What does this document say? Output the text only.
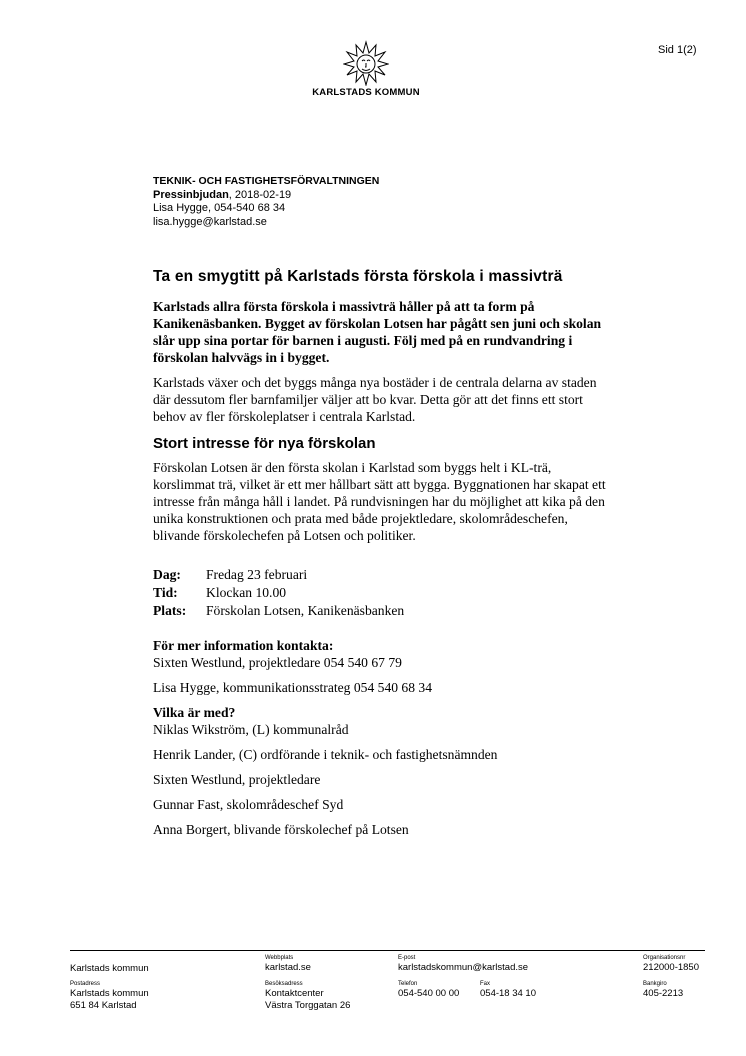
Sid 1(2)
KARLSTADS KOMMUN
TEKNIK- OCH FASTIGHETSFÖRVALTNINGEN
Pressinbjudan, 2018-02-19
Lisa Hygge, 054-540 68 34
lisa.hygge@karlstad.se
Ta en smygtitt på Karlstads första förskola i massivträ

Karlstads allra första förskola i massivträ håller på att ta form på Kanikenäsbanken. Bygget av förskolan Lotsen har pågått sen juni och skolan slår upp sina portar för barnen i augusti. Följ med på en rundvandring i förskolan halvvägs in i bygget.

Karlstads växer och det byggs många nya bostäder i de centrala delarna av staden där dessutom fler barnfamiljer väljer att bo kvar. Detta gör att det finns ett stort behov av fler förskoleplatser i centrala Karlstad.

Stort intresse för nya förskolan

Förskolan Lotsen är den första skolan i Karlstad som byggs helt i KL-trä, korslimmat trä, vilket är ett mer hållbart sätt att bygga. Byggnationen har skapat ett intresse från många håll i landet. På rundvisningen har du möjlighet att kika på den unika konstruktionen och prata med både projektledare, skolområdeschefen, blivande förskolechefen på Lotsen och politiker.

Dag:	Fredag 23 februari
Tid:	Klockan 10.00
Plats:	Förskolan Lotsen, Kanikenäsbanken
För mer information kontakta:
Sixten Westlund, projektledare 054 540 67 79
Lisa Hygge, kommunikationsstrateg 054 540 68 34
Vilka är med?
Niklas Wikström, (L) kommunalråd
Henrik Lander, (C) ordförande i teknik- och fastighetsnämnden
Sixten Westlund, projektledare
Gunnar Fast, skolområdeschef Syd
Anna Borgert, blivande förskolechef på Lotsen
Karlstads kommun
Webbplats
karlstad.se
E-post
karlstadskommun@karlstad.se
Organisationsnr
212000-1850
Postadress
Karlstads kommun
651 84 Karlstad
Besöksadress
Kontaktcenter
Västra Torggatan 26
Telefon
054-540 00 00
Fax
054-18 34 10
Bankgiro
405-2213
